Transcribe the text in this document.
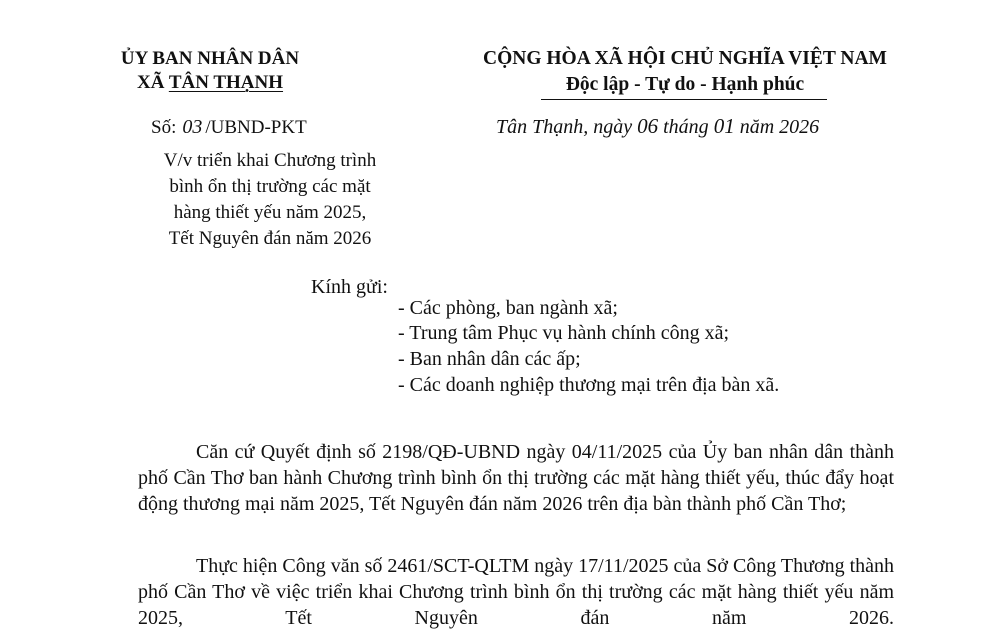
ỦY BAN NHÂN DÂN
XÃ TÂN THẠNH
CỘNG HÒA XÃ HỘI CHỦ NGHĨA VIỆT NAM
Độc lập - Tự do - Hạnh phúc
Số: 03 /UBND-PKT	Tân Thạnh, ngày 06 tháng 01 năm 2026
V/v triển khai Chương trình
bình ổn thị trường các mặt
hàng thiết yếu năm 2025,
Tết Nguyên đán năm 2026
Kính gửi:
- Các phòng, ban ngành xã;
- Trung tâm Phục vụ hành chính công xã;
- Ban nhân dân các ấp;
- Các doanh nghiệp thương mại trên địa bàn xã.

Căn cứ Quyết định số 2198/QĐ-UBND ngày 04/11/2025 của Ủy ban nhân dân thành phố Cần Thơ ban hành Chương trình bình ổn thị trường các mặt hàng thiết yếu, thúc đẩy hoạt động thương mại năm 2025, Tết Nguyên đán năm 2026 trên địa bàn thành phố Cần Thơ;

Thực hiện Công văn số 2461/SCT-QLTM ngày 17/11/2025 của Sở Công Thương thành phố Cần Thơ về việc triển khai Chương trình bình ổn thị trường các mặt hàng thiết yếu năm 2025, Tết Nguyên đán năm 2026.
